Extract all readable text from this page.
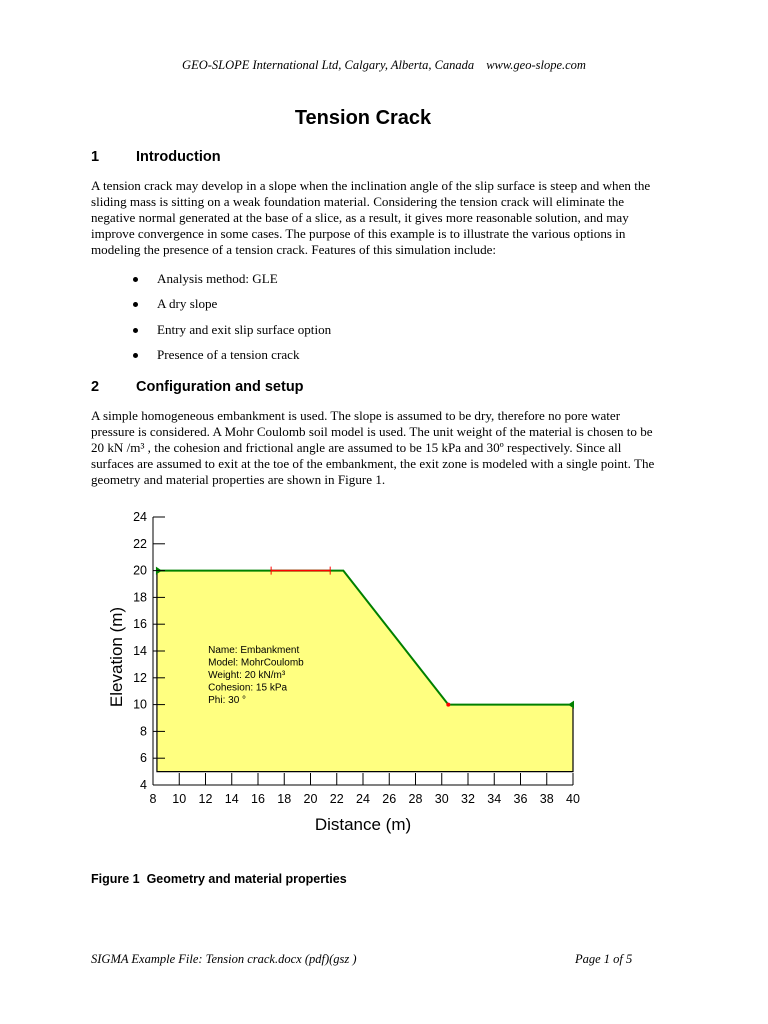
GEO-SLOPE International Ltd, Calgary, Alberta, Canada www.geo-slope.com
Tension Crack
1	Introduction
A tension crack may develop in a slope when the inclination angle of the slip surface is steep and when the sliding mass is sitting on a weak foundation material. Considering the tension crack will eliminate the negative normal generated at the base of a slice, as a result, it gives more reasonable solution, and may improve convergence in some cases. The purpose of this example is to illustrate the various options in modeling the presence of a tension crack. Features of this simulation include:
Analysis method: GLE
A dry slope
Entry and exit slip surface option
Presence of a tension crack
2	Configuration and setup
A simple homogeneous embankment is used. The slope is assumed to be dry, therefore no pore water pressure is considered. A Mohr Coulomb soil model is used. The unit weight of the material is chosen to be 20 kN /m³ , the cohesion and frictional angle are assumed to be 15 kPa and 30º respectively. Since all surfaces are assumed to exit at the toe of the embankment, the exit zone is modeled with a single point. The geometry and material properties are shown in Figure 1.
4
6
8
10
12
14
16
18
20
22
24
8 10 12 14 16 18 20 22 24 26 28 30 32 34 36 38 40
Distance (m)
Elevation (m)	Name: Embankment
Model: MohrCoulomb
Weight: 20 kN/m³
Cohesion: 15 kPa
Phi: 30 °
Figure 1 Geometry and material properties
SIGMA Example File: Tension crack.docx (pdf)(gsz )	Page 1 of 5
